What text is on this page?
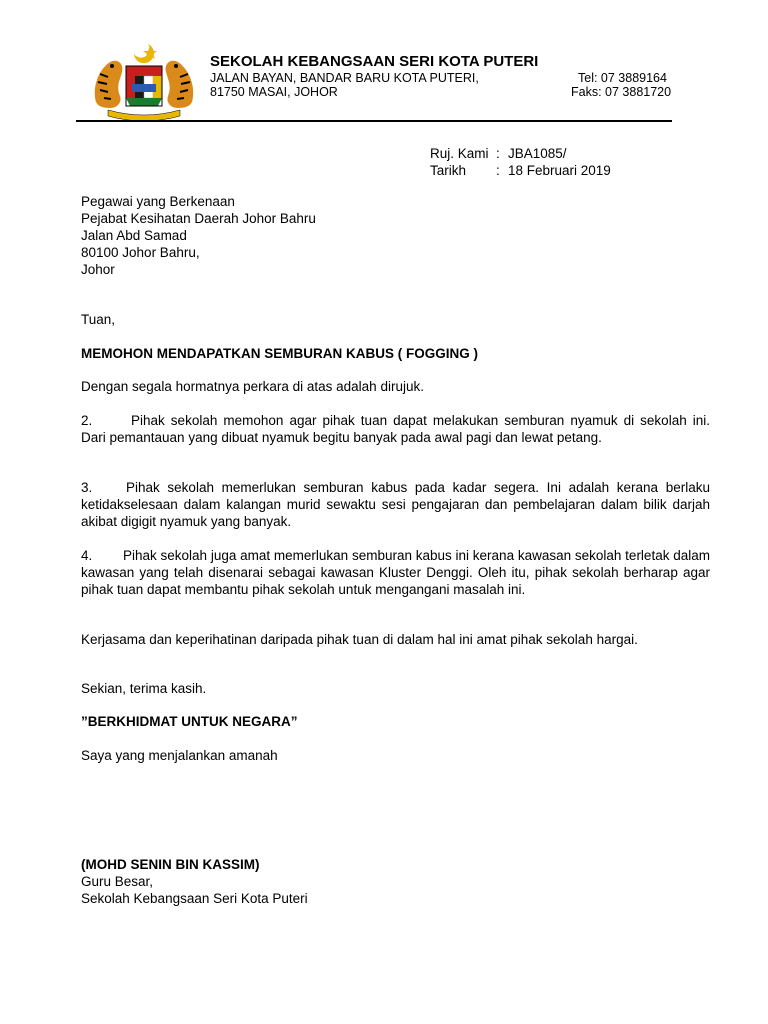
SEKOLAH KEBANGSAAN SERI KOTA PUTERI
JALAN BAYAN, BANDAR BARU KOTA PUTERI,
81750 MASAI, JOHOR
Tel: 07 3889164
Faks: 07 3881720
Ruj. Kami : JBA1085/
Tarikh : 18 Februari 2019
Pegawai yang Berkenaan
Pejabat Kesihatan Daerah Johor Bahru
Jalan Abd Samad
80100 Johor Bahru,
Johor
Tuan,
MEMOHON MENDAPATKAN SEMBURAN KABUS ( FOGGING )
Dengan segala hormatnya perkara di atas adalah dirujuk.
2.	Pihak sekolah memohon agar pihak tuan dapat melakukan semburan nyamuk di sekolah ini. Dari pemantauan yang dibuat nyamuk begitu banyak pada awal pagi dan lewat petang.
3. Pihak sekolah memerlukan semburan kabus pada kadar segera. Ini adalah kerana berlaku ketidakselesaan dalam kalangan murid sewaktu sesi pengajaran dan pembelajaran dalam bilik darjah akibat digigit nyamuk yang banyak.
4. Pihak sekolah juga amat memerlukan semburan kabus ini kerana kawasan sekolah terletak dalam kawasan yang telah disenarai sebagai kawasan Kluster Denggi. Oleh itu, pihak sekolah berharap agar pihak tuan dapat membantu pihak sekolah untuk mengangani masalah ini.
Kerjasama dan keperihatinan daripada pihak tuan di dalam hal ini amat pihak sekolah hargai.
Sekian, terima kasih.
”BERKHIDMAT UNTUK NEGARA”
Saya yang menjalankan amanah
(MOHD SENIN BIN KASSIM)
Guru Besar,
Sekolah Kebangsaan Seri Kota Puteri
